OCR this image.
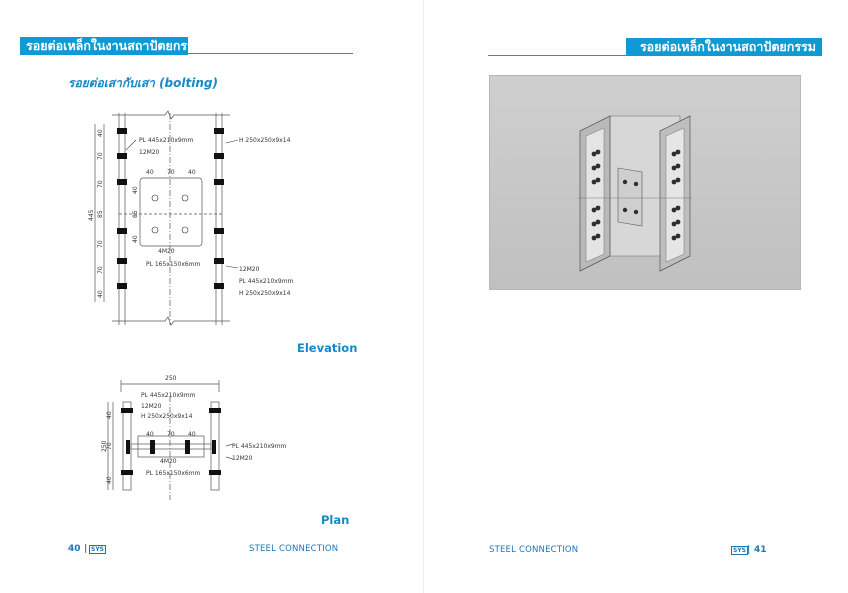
รอยต่อเหล็กในงานสถาปัตยกรรม
รอยต่อเสากับเสา (bolting)
PL 445x210x9mm
12M20
H 250x250x9x14
40 70 40
4M20
PL 165x150x6mm
12M20
PL 445x210x9mm
H 250x250x9x14
40
70
70
85
70
70
40
445
40
85
40
Elevation
250
PL 445x210x9mm
12M20
H 250x250x9x14
40 70 40
PL 445x210x9mm
12M20
4M20
PL 165x150x6mm
40
70
250
40
Plan
40 | SYS	STEEL CONNECTION
รอยต่อเหล็กในงานสถาปัตยกรรม
STEEL CONNECTION	SYS | 41
